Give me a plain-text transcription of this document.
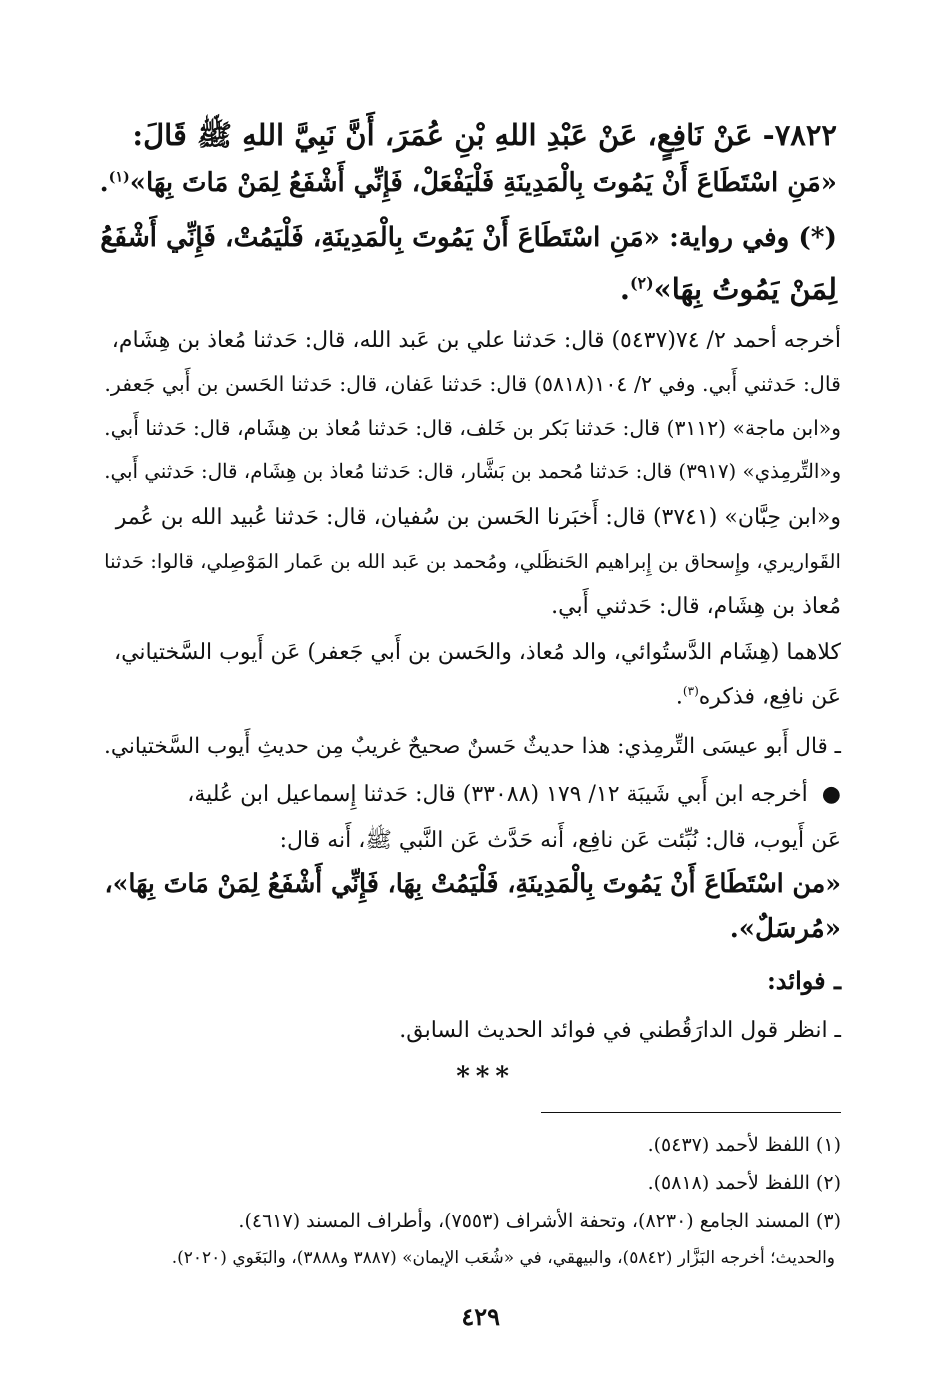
٧٨٢٢- عَنْ نَافِعٍ، عَنْ عَبْدِ اللهِ بْنِ عُمَرَ، أَنَّ نَبِيَّ اللهِ ﷺ قَالَ:
«مَنِ اسْتَطَاعَ أَنْ يَمُوتَ بِالْمَدِينَةِ فَلْيَفْعَلْ، فَإِنِّي أَشْفَعُ لِمَنْ مَاتَ بِهَا»$^{(١)}$.
(*) وفي رواية: «مَنِ اسْتَطَاعَ أَنْ يَمُوتَ بِالْمَدِينَةِ، فَلْيَمُتْ، فَإِنِّي أَشْفَعُ
لِمَنْ يَمُوتُ بِهَا»$^{(٢)}$.
أخرجه أحمد ٢/ ٧٤(٥٤٣٧) قال: حَدثنا علي بن عَبد الله، قال: حَدثنا مُعاذ بن هِشَام،
قال: حَدثني أَبي. وفي ٢/ ١٠٤(٥٨١٨) قال: حَدثنا عَفان، قال: حَدثنا الحَسن بن أَبي جَعفر.
و«ابن ماجة» (٣١١٢) قال: حَدثنا بَكر بن خَلف، قال: حَدثنا مُعاذ بن هِشَام، قال: حَدثنا أَبي.
و«التِّرمِذي» (٣٩١٧) قال: حَدثنا مُحمد بن بَشَّار، قال: حَدثنا مُعاذ بن هِشَام، قال: حَدثني أَبي.
و«ابن حِبَّان» (٣٧٤١) قال: أَخبَرنا الحَسن بن سُفيان، قال: حَدثنا عُبيد الله بن عُمر
القَواريري، وإِسحاق بن إِبراهيم الحَنظَلي، ومُحمد بن عَبد الله بن عَمار المَوْصِلي، قالوا: حَدثنا
مُعاذ بن هِشَام، قال: حَدثني أَبي.
كلاهما (هِشَام الدَّستُوائي، والد مُعاذ، والحَسن بن أَبي جَعفر) عَن أَيوب السَّختياني،
عَن نافِع، فذكره$^{(٣)}$.
ـ قال أَبو عيسَى التِّرمِذي: هذا حديثٌ حَسنٌ صحيحٌ غريبٌ مِن حديثِ أَيوب السَّختياني.
●  أخرجه ابن أَبي شَيبَة ١٢/ ١٧٩ (٣٣٠٨٨) قال: حَدثنا إِسماعيل ابن عُلية،
عَن أَيوب، قال: نُبِّئت عَن نافِع، أَنه حَدَّث عَن النَّبي ﷺ، أَنه قال:
«من اسْتَطَاعَ أَنْ يَمُوتَ بِالْمَدِينَةِ، فَلْيَمُتْ بِهَا، فَإِنِّي أَشْفَعُ لِمَنْ مَاتَ بِهَا»،
«مُرسَلٌ».
ـ فوائد:
ـ انظر قول الدارَقُطني في فوائد الحديث السابق.
***
(١) اللفظ لأحمد (٥٤٣٧).
(٢) اللفظ لأحمد (٥٨١٨).
(٣) المسند الجامع (٨٢٣٠)، وتحفة الأشراف (٧٥٥٣)، وأطراف المسند (٤٦١٧).
والحديث؛ أخرجه البَزَّار (٥٨٤٢)، والبيهقي، في «شُعَب الإيمان» (٣٨٨٧ و٣٨٨٨)، والبَغَوي (٢٠٢٠).
٤٢٩
